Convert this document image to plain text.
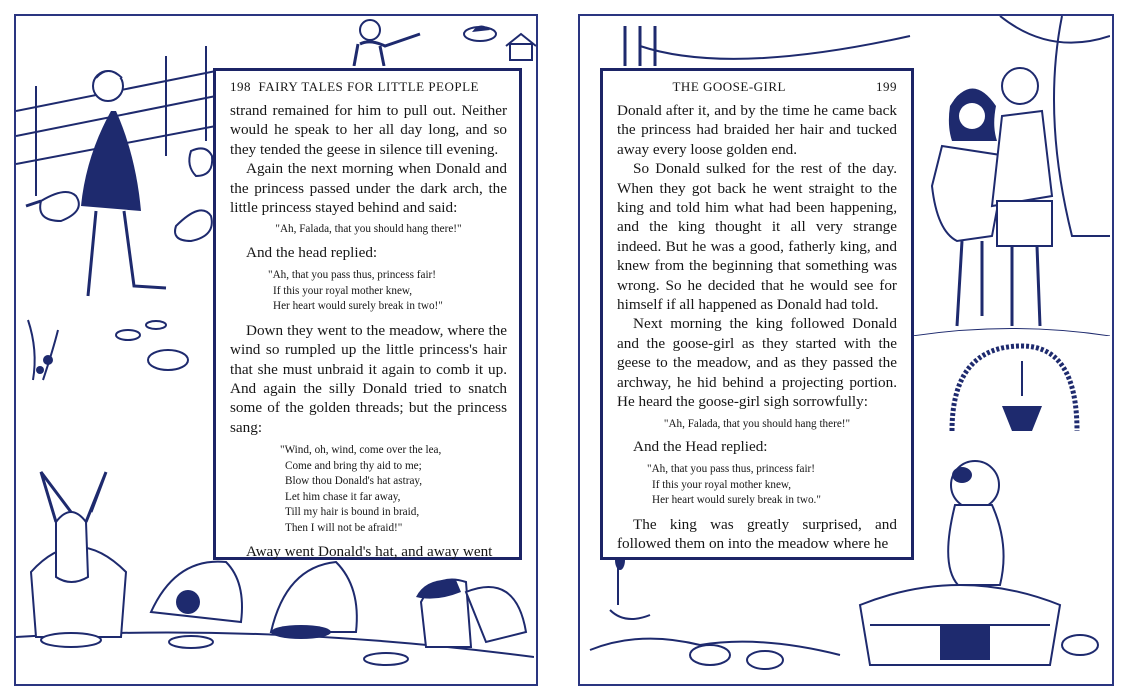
198 FAIRY TALES FOR LITTLE PEOPLE

strand remained for him to pull out. Neither would he speak to her all day long, and so they tended the geese in silence till evening.

Again the next morning when Donald and the princess passed under the dark arch, the little princess stayed behind and said:

"Ah, Falada, that you should hang there!"

And the head replied:

"Ah, that you pass thus, princess fair!
If this your royal mother knew,
Her heart would surely break in two!"

Down they went to the meadow, where the wind so rumpled up the little princess's hair that she must unbraid it again to comb it up. And again the silly Donald tried to snatch some of the golden threads; but the princess sang:

"Wind, oh, wind, come over the lea,
Come and bring thy aid to me;
Blow thou Donald's hat astray,
Let him chase it far away,
Till my hair is bound in braid,
Then I will not be afraid!"

Away went Donald's hat, and away went

THE GOOSE-GIRL	199

Donald after it, and by the time he came back the princess had braided her hair and tucked away every loose golden end.

So Donald sulked for the rest of the day. When they got back he went straight to the king and told him what had been happening, and the king thought it all very strange indeed. But he was a good, fatherly king, and knew from the beginning that something was wrong. So he decided that he would see for himself if all happened as Donald had told.

Next morning the king followed Donald and the goose-girl as they started with the geese to the meadow, and as they passed the archway, he hid behind a projecting portion. He heard the goose-girl sigh sorrowfully:

"Ah, Falada, that you should hang there!"

And the Head replied:

"Ah, that you pass thus, princess fair!
If this your royal mother knew,
Her heart would surely break in two."

The king was greatly surprised, and followed them on into the meadow where he
